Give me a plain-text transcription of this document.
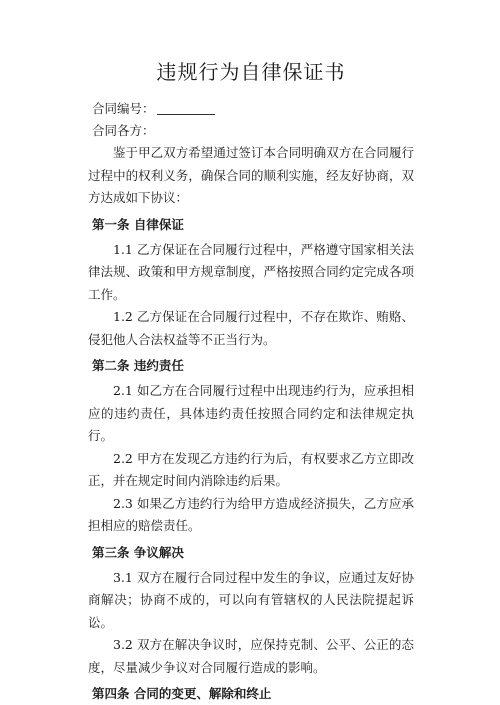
违规行为自律保证书
合同编号：
合同各方：

鉴于甲乙双方希望通过签订本合同明确双方在合同履行过程中的权利义务，确保合同的顺利实施，经友好协商，双方达成如下协议：

第一条 自律保证

1.1 乙方保证在合同履行过程中，严格遵守国家相关法律法规、政策和甲方规章制度，严格按照合同约定完成各项工作。

1.2 乙方保证在合同履行过程中，不存在欺诈、贿赂、侵犯他人合法权益等不正当行为。

第二条 违约责任

2.1 如乙方在合同履行过程中出现违约行为，应承担相应的违约责任，具体违约责任按照合同约定和法律规定执行。

2.2 甲方在发现乙方违约行为后，有权要求乙方立即改正，并在规定时间内消除违约后果。

2.3 如果乙方违约行为给甲方造成经济损失，乙方应承担相应的赔偿责任。

第三条 争议解决

3.1 双方在履行合同过程中发生的争议，应通过友好协商解决；协商不成的，可以向有管辖权的人民法院提起诉讼。

3.2 双方在解决争议时，应保持克制、公平、公正的态度，尽量减少争议对合同履行造成的影响。

第四条 合同的变更、解除和终止
